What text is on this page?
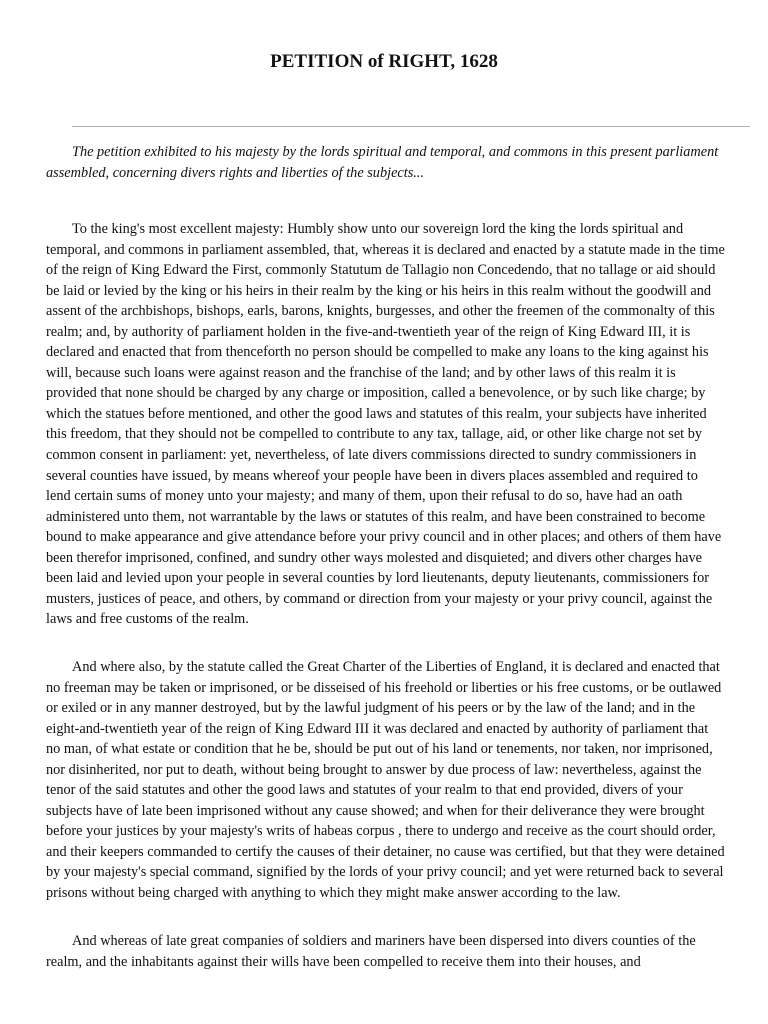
PETITION of RIGHT, 1628

The petition exhibited to his majesty by the lords spiritual and temporal, and commons in this present parliament assembled, concerning divers rights and liberties of the subjects...

To the king's most excellent majesty: Humbly show unto our sovereign lord the king the lords spiritual and temporal, and commons in parliament assembled, that, whereas it is declared and enacted by a statute made in the time of the reign of King Edward the First, commonly Statutum de Tallagio non Concedendo, that no tallage or aid should be laid or levied by the king or his heirs in their realm by the king or his heirs in this realm without the goodwill and assent of the archbishops, bishops, earls, barons, knights, burgesses, and other the freemen of the commonalty of this realm; and, by authority of parliament holden in the five-and-twentieth year of the reign of King Edward III, it is declared and enacted that from thenceforth no person should be compelled to make any loans to the king against his will, because such loans were against reason and the franchise of the land; and by other laws of this realm it is provided that none should be charged by any charge or imposition, called a benevolence, or by such like charge; by which the statues before mentioned, and other the good laws and statutes of this realm, your subjects have inherited this freedom, that they should not be compelled to contribute to any tax, tallage, aid, or other like charge not set by common consent in parliament: yet, nevertheless, of late divers commissions directed to sundry commissioners in several counties have issued, by means whereof your people have been in divers places assembled and required to lend certain sums of money unto your majesty; and many of them, upon their refusal to do so, have had an oath administered unto them, not warrantable by the laws or statutes of this realm, and have been constrained to become bound to make appearance and give attendance before your privy council and in other places; and others of them have been therefor imprisoned, confined, and sundry other ways molested and disquieted; and divers other charges have been laid and levied upon your people in several counties by lord lieutenants, deputy lieutenants, commissioners for musters, justices of peace, and others, by command or direction from your majesty or your privy council, against the laws and free customs of the realm.

And where also, by the statute called the Great Charter of the Liberties of England, it is declared and enacted that no freeman may be taken or imprisoned, or be disseised of his freehold or liberties or his free customs, or be outlawed or exiled or in any manner destroyed, but by the lawful judgment of his peers or by the law of the land; and in the eight-and-twentieth year of the reign of King Edward III it was declared and enacted by authority of parliament that no man, of what estate or condition that he be, should be put out of his land or tenements, nor taken, nor imprisoned, nor disinherited, nor put to death, without being brought to answer by due process of law: nevertheless, against the tenor of the said statutes and other the good laws and statutes of your realm to that end provided, divers of your subjects have of late been imprisoned without any cause showed; and when for their deliverance they were brought before your justices by your majesty's writs of habeas corpus , there to undergo and receive as the court should order, and their keepers commanded to certify the causes of their detainer, no cause was certified, but that they were detained by your majesty's special command, signified by the lords of your privy council; and yet were returned back to several prisons without being charged with anything to which they might make answer according to the law.

And whereas of late great companies of soldiers and mariners have been dispersed into divers counties of the realm, and the inhabitants against their wills have been compelled to receive them into their houses, and
